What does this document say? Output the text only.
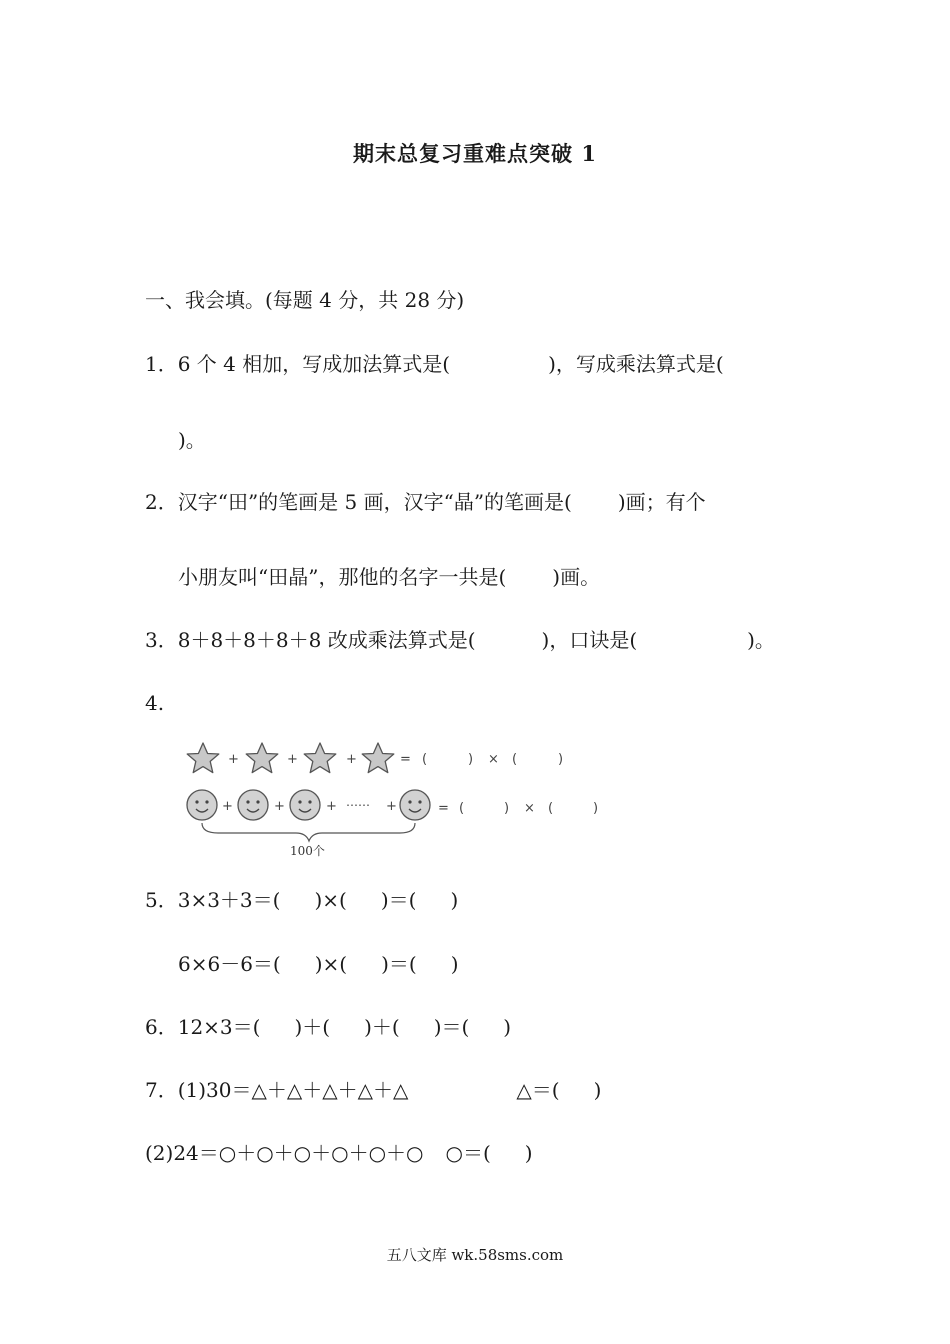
期末总复习重难点突破 1
一、我会填。(每题 4 分，共 28 分)
1．6 个 4 相加，写成加法算式是(	)，写成乘法算式是(
)。
2．汉字“田”的笔画是 5 画，汉字“晶”的笔画是( )画；有个
小朋友叫“田晶”，那他的名字一共是( )画。
3．8＋8＋8＋8＋8 改成乘法算式是(	)，口诀是(	)。
4.
+	+	+	= (	) × (	)
+	+	+ …… +	= (	) × (	)
100个
5．3×3＋3＝( )×( )＝( )
6×6－6＝( )×( )＝( )
6．12×3＝( )＋( )＋( )＝( )
7．(1)30＝△＋△＋△＋△＋△	△＝( )
(2)24＝○＋○＋○＋○＋○＋○ ○＝( )
五八文库 wk.58sms.com
